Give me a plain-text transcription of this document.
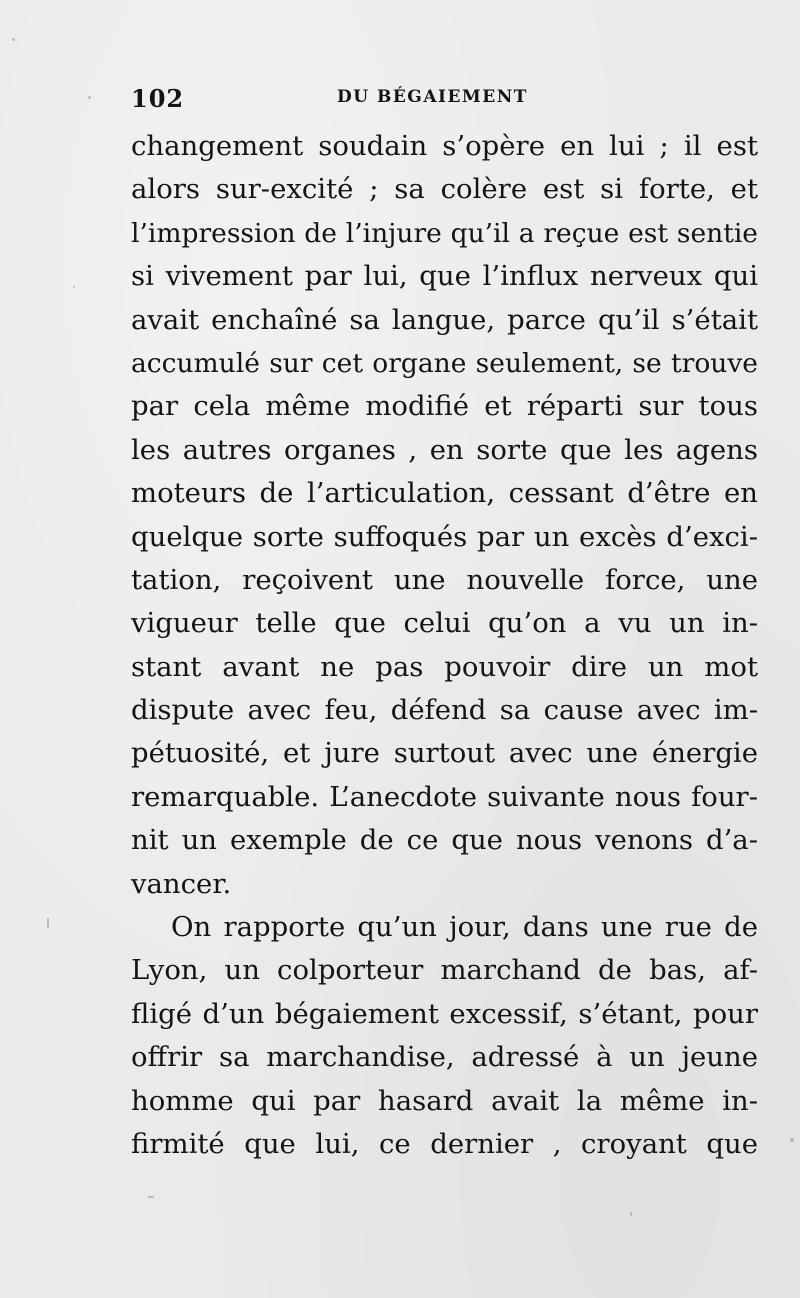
102	DU BÉGAIEMENT
changement soudain s’opère en lui ; il est
alors sur-excité ; sa colère est si forte, et
l’impression de l’injure qu’il a reçue est sentie
si vivement par lui, que l’influx nerveux qui
avait enchaîné sa langue, parce qu’il s’était
accumulé sur cet organe seulement, se trouve
par cela même modifié et réparti sur tous
les autres organes , en sorte que les agens
moteurs de l’articulation, cessant d’être en
quelque sorte suffoqués par un excès d’exci-
tation, reçoivent une nouvelle force, une
vigueur telle que celui qu’on a vu un in-
stant avant ne pas pouvoir dire un mot
dispute avec feu, défend sa cause avec im-
pétuosité, et jure surtout avec une énergie
remarquable. L’anecdote suivante nous four-
nit un exemple de ce que nous venons d’a-
vancer.
On rapporte qu’un jour, dans une rue de
Lyon, un colporteur marchand de bas, af-
fligé d’un bégaiement excessif, s’étant, pour
offrir sa marchandise, adressé à un jeune
homme qui par hasard avait la même in-
firmité que lui, ce dernier , croyant que
